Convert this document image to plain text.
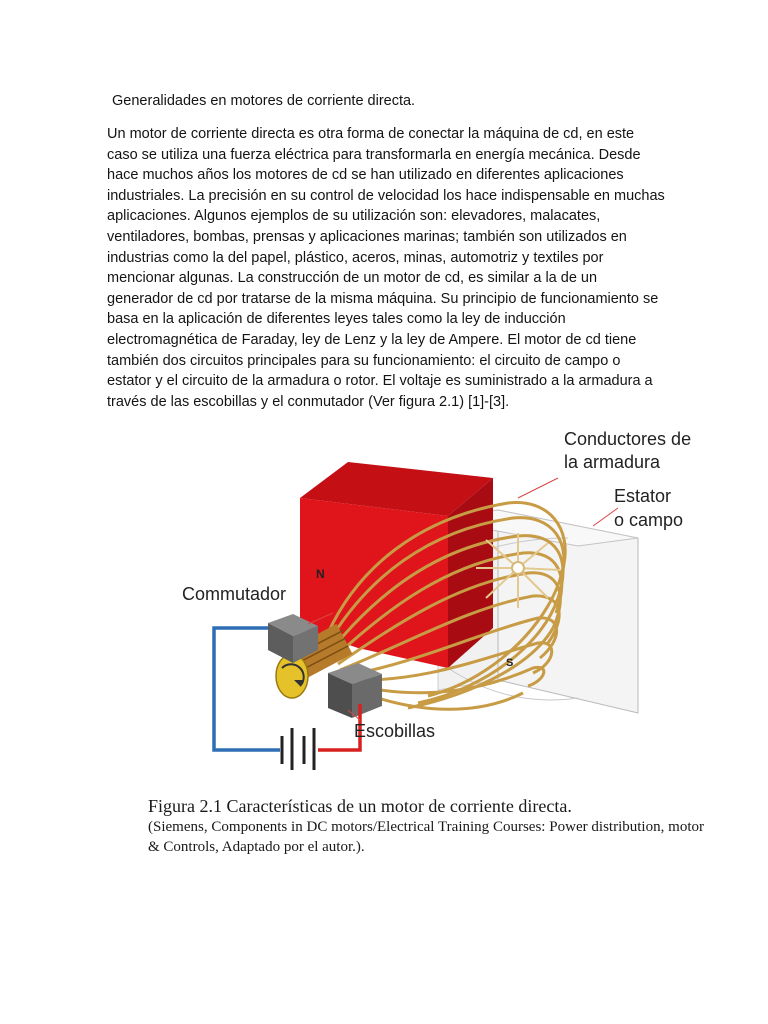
Generalidades en motores de corriente directa.
Un motor de corriente directa es otra forma de conectar la máquina de cd, en este caso se utiliza una fuerza eléctrica para transformarla en energía mecánica. Desde hace muchos años los motores de cd se han utilizado en diferentes aplicaciones industriales. La precisión en su control de velocidad los hace indispensable en muchas aplicaciones. Algunos ejemplos de su utilización son: elevadores, malacates, ventiladores, bombas, prensas y aplicaciones marinas; también son utilizados en industrias como la del papel, plástico, aceros, minas, automotriz y textiles por mencionar algunas. La construcción de un motor de cd, es similar a la de un generador de cd por tratarse de la misma máquina. Su principio de funcionamiento se basa en la aplicación de diferentes leyes tales como la ley de inducción electromagnética de Faraday, ley de Lenz y la ley de Ampere. El motor de cd tiene también dos circuitos principales para su funcionamiento: el circuito de campo o estator y el circuito de la armadura o rotor. El voltaje es suministrado a la armadura a través de las escobillas y el conmutador (Ver figura 2.1) [1]-[3].
N
S
Conductores de
la armadura
Estator
o campo
Commutador
Escobillas
Figura 2.1 Características de un motor de corriente directa.
(Siemens, Components in DC motors/Electrical Training Courses: Power distribution, motor & Controls, Adaptado por el autor.).
